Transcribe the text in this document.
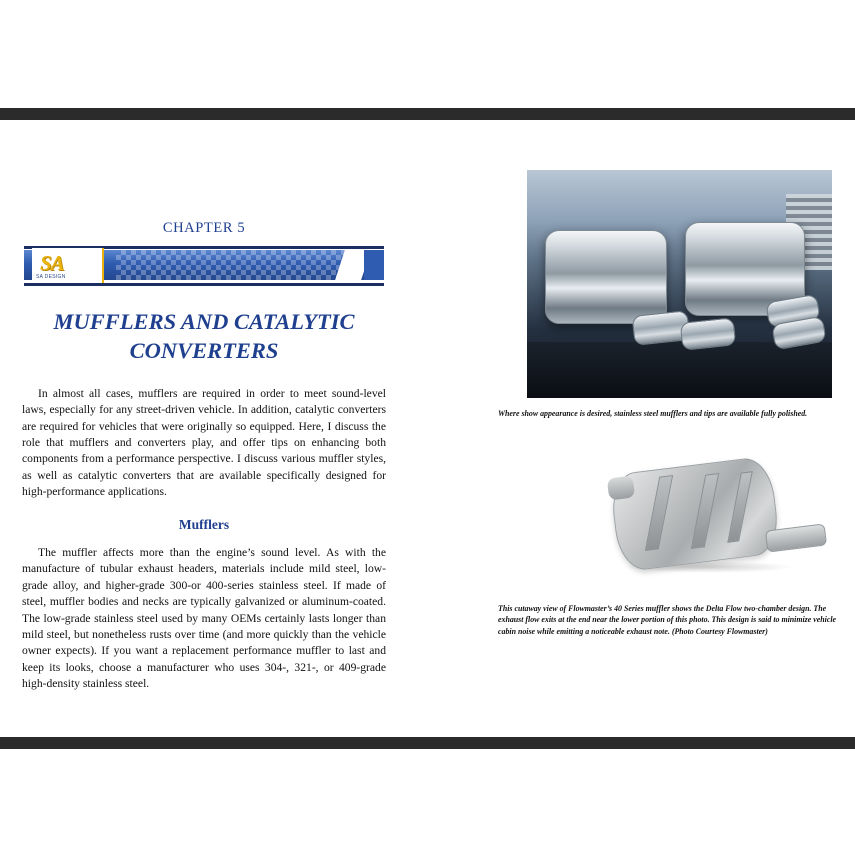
CHAPTER 5
SA
SA DESIGN
MUFFLERS AND CATALYTIC CONVERTERS

In almost all cases, mufflers are required in order to meet sound-level laws, especially for any street-driven vehicle. In addition, catalytic converters are required for vehicles that were originally so equipped. Here, I discuss the role that mufflers and converters play, and offer tips on enhancing both components from a performance perspective. I discuss various muffler styles, as well as catalytic converters that are available specifically designed for high-performance applications.

Mufflers

The muffler affects more than the engine’s sound level. As with the manufacture of tubular exhaust headers, materials include mild steel, low-grade alloy, and higher-grade 300-or 400-series stainless steel. If made of steel, muffler bodies and necks are typically galvanized or aluminum-coated. The low-grade stainless steel used by many OEMs certainly lasts longer than mild steel, but nonetheless rusts over time (and more quickly than the vehicle owner expects). If you want a replacement performance muffler to last and keep its looks, choose a manufacturer who uses 304-, 321-, or 409-grade high-density stainless steel.

Where show appearance is desired, stainless steel mufflers and tips are available fully polished.
This cutaway view of Flowmaster’s 40 Series muffler shows the Delta Flow two-chamber design. The exhaust flow exits at the end near the lower portion of this photo. This design is said to minimize vehicle cabin noise while emitting a noticeable exhaust note. (Photo Courtesy Flowmaster)
